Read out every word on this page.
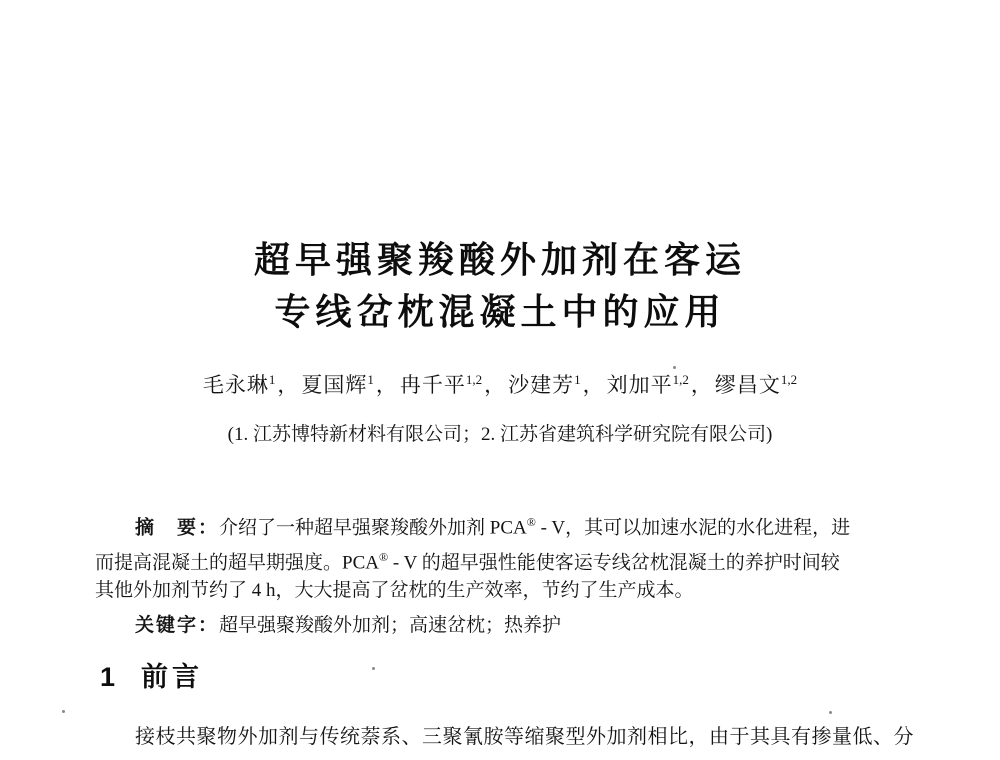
超早强聚羧酸外加剂在客运
专线岔枕混凝土中的应用
毛永琳$^1$，夏国辉$^1$，冉千平$^{1,2}$，沙建芳$^1$，刘加平$^{1,2}$，缪昌文$^{1,2}$
(1. 江苏博特新材料有限公司；2. 江苏省建筑科学研究院有限公司)
摘　要：介绍了一种超早强聚羧酸外加剂 PCA® - V，其可以加速水泥的水化进程，进
而提高混凝土的超早期强度。PCA® - V 的超早强性能使客运专线岔枕混凝土的养护时间较
其他外加剂节约了 4 h，大大提高了岔枕的生产效率，节约了生产成本。
关键字：超早强聚羧酸外加剂；高速岔枕；热养护
1 前言
接枝共聚物外加剂与传统萘系、三聚氰胺等缩聚型外加剂相比，由于其具有掺量低、分
